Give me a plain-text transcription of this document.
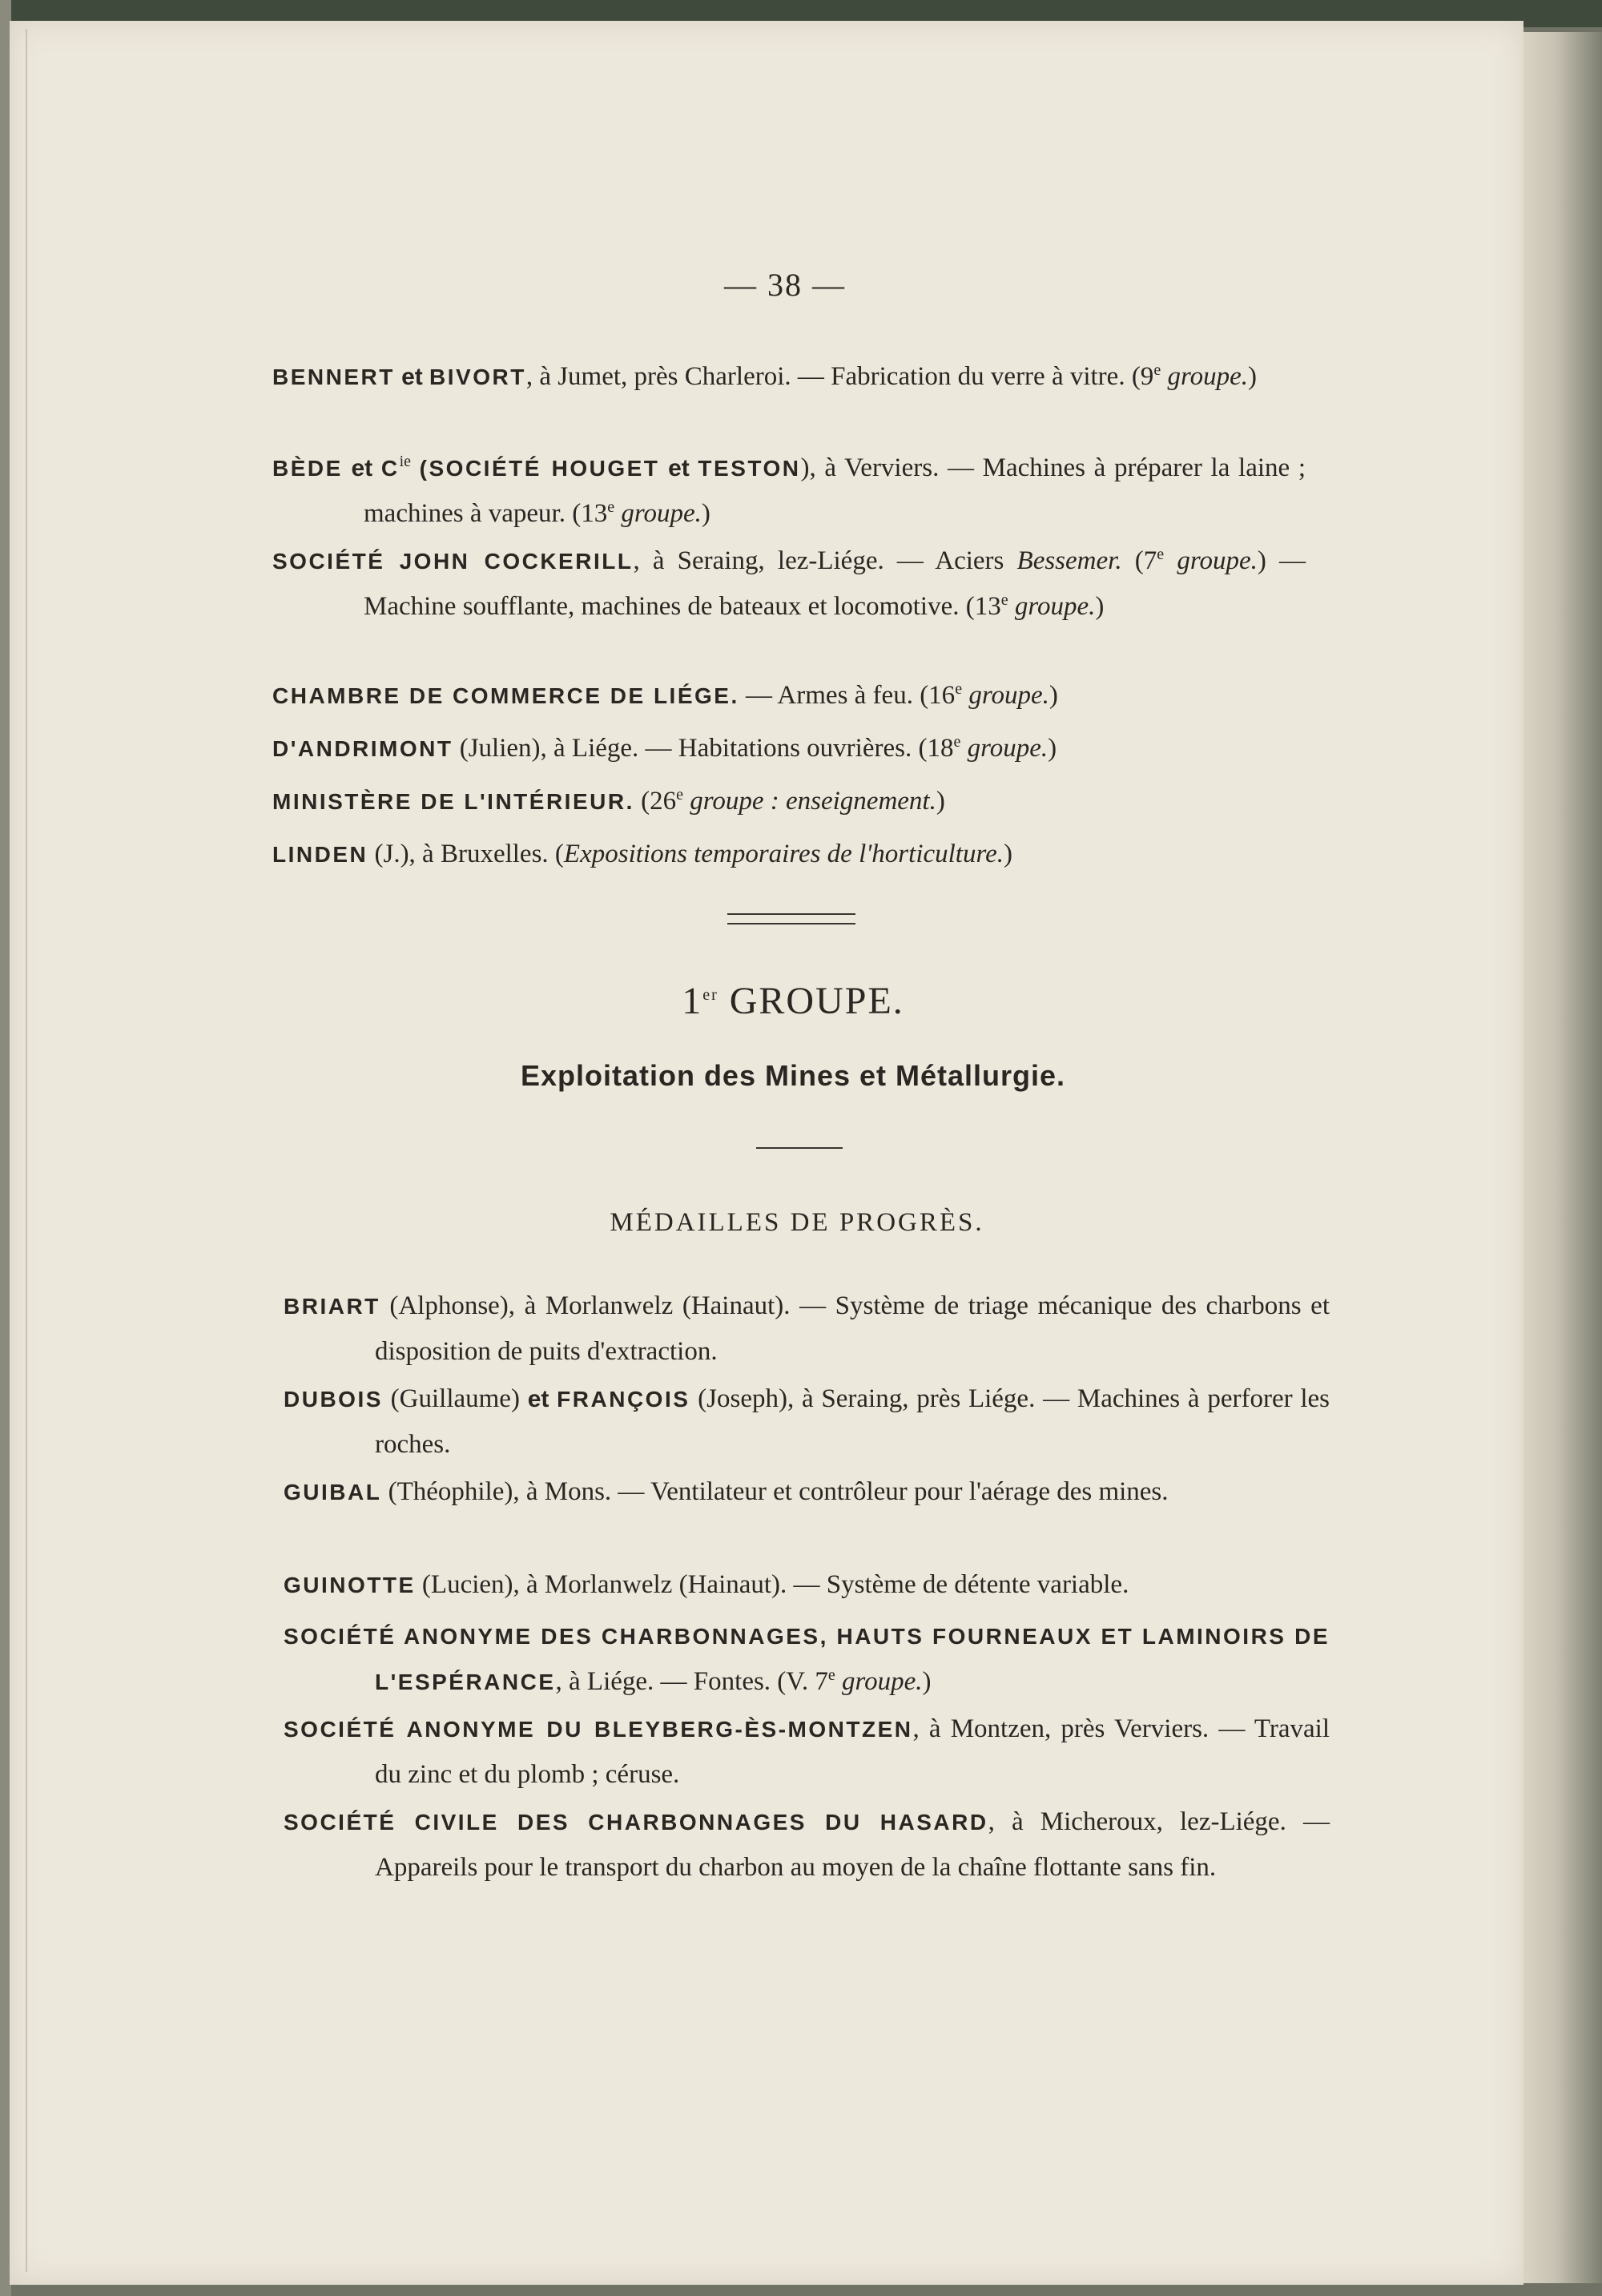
— 38 —

BENNERT et BIVORT, à Jumet, près Charleroi. — Fabrication du verre à vitre. (9e groupe.)

BÈDE et $C^{ie}$ (SOCIÉTÉ HOUGET et TESTON), à Verviers. — Machines à préparer la laine ; machines à vapeur. (13e groupe.)

SOCIÉTÉ JOHN COCKERILL, à Seraing, lez-Liége. — Aciers Bessemer. (7e groupe.) — Machine soufflante, machines de bateaux et locomotive. (13e groupe.)

CHAMBRE DE COMMERCE DE LIÉGE. — Armes à feu. (16e groupe.)

D'ANDRIMONT (Julien), à Liége. — Habitations ouvrières. (18e groupe.)

MINISTÈRE DE L'INTÉRIEUR. (26e groupe : enseignement.)

LINDEN (J.), à Bruxelles. (Expositions temporaires de l'horticulture.)

1er GROUPE.
Exploitation des Mines et Métallurgie.
MÉDAILLES DE PROGRÈS.

BRIART (Alphonse), à Morlanwelz (Hainaut). — Système de triage mécanique des charbons et disposition de puits d'extraction.

DUBOIS (Guillaume) et FRANÇOIS (Joseph), à Seraing, près Liége. — Machines à perforer les roches.

GUIBAL (Théophile), à Mons. — Ventilateur et contrôleur pour l'aérage des mines.

GUINOTTE (Lucien), à Morlanwelz (Hainaut). — Système de détente variable.

SOCIÉTÉ ANONYME DES CHARBONNAGES, HAUTS FOURNEAUX ET LAMINOIRS DE L'ESPÉRANCE, à Liége. — Fontes. (V. 7e groupe.)

SOCIÉTÉ ANONYME DU BLEYBERG-ÈS-MONTZEN, à Montzen, près Verviers. — Travail du zinc et du plomb ; céruse.

SOCIÉTÉ CIVILE DES CHARBONNAGES DU HASARD, à Micheroux, lez-Liége. — Appareils pour le transport du charbon au moyen de la chaîne flottante sans fin.
